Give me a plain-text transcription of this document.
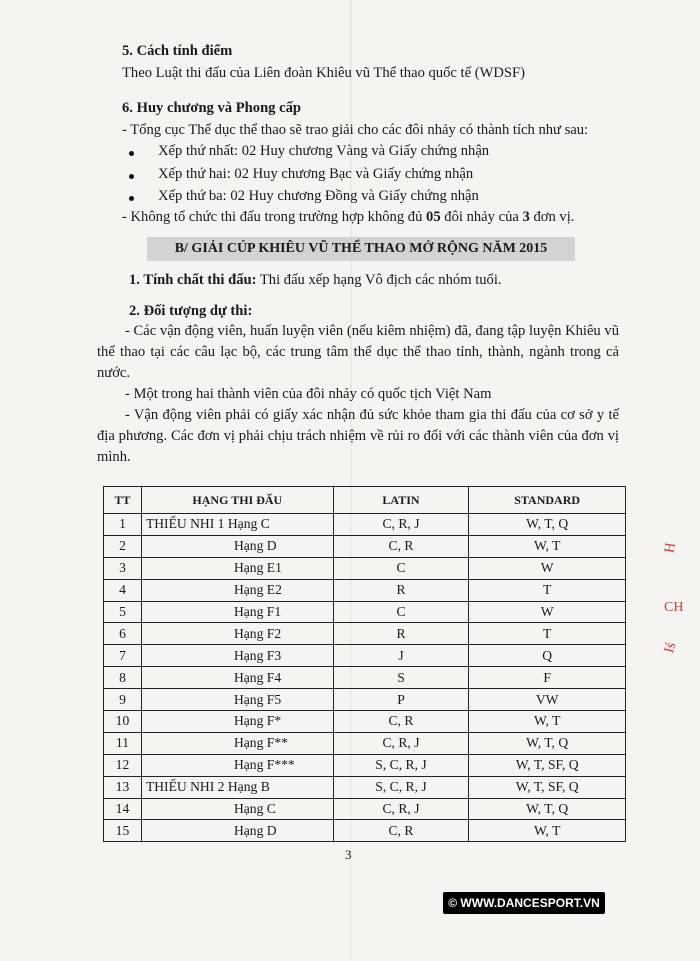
5. Cách tính điểm
Theo Luật thi đấu của Liên đoàn Khiêu vũ Thể thao quốc tế (WDSF)
6. Huy chương và Phong cấp
- Tổng cục Thể dục thể thao sẽ trao giải cho các đôi nhảy có thành tích như sau:
Xếp thứ nhất: 02 Huy chương Vàng và Giấy chứng nhận
Xếp thứ hai: 02 Huy chương Bạc và Giấy chứng nhận
Xếp thứ ba: 02 Huy chương Đồng và Giấy chứng nhận
- Không tổ chức thi đấu trong trường hợp không đủ 05 đôi nhảy của 3 đơn vị.
B/ GIẢI CÚP KHIÊU VŨ THỂ THAO MỞ RỘNG NĂM 2015
1. Tính chất thi đấu: Thi đấu xếp hạng Vô địch các nhóm tuổi.
2. Đối tượng dự thi:
- Các vận động viên, huấn luyện viên (nếu kiêm nhiệm) đã, đang tập luyện Khiêu vũ thể thao tại các câu lạc bộ, các trung tâm thể dục thể thao tỉnh, thành, ngành trong cả nước.
- Một trong hai thành viên của đôi nhảy có quốc tịch Việt Nam
- Vận động viên phải có giấy xác nhận đủ sức khỏe tham gia thi đấu của cơ sở y tế địa phương. Các đơn vị phải chịu trách nhiệm về rủi ro đối với các thành viên của đơn vị mình.
TT	HẠNG THI ĐẤU	LATIN	STANDARD
1	THIẾU NHI 1 Hạng C	C, R, J	W, T, Q
2	Hạng D	C, R	W, T
3	Hạng E1	C	W
4	Hạng E2	R	T
5	Hạng F1	C	W
6	Hạng F2	R	T
7	Hạng F3	J	Q
8	Hạng F4	S	F
9	Hạng F5	P	VW
10	Hạng F*	C, R	W, T
11	Hạng F**	C, R, J	W, T, Q
12	Hạng F***	S, C, R, J	W, T, SF, Q
13	THIẾU NHI 2 Hạng B	S, C, R, J	W, T, SF, Q
14	Hạng C	C, R, J	W, T, Q
15	Hạng D	C, R	W, T
H
CH
Iś
3
© WWW.DANCESPORT.VN
